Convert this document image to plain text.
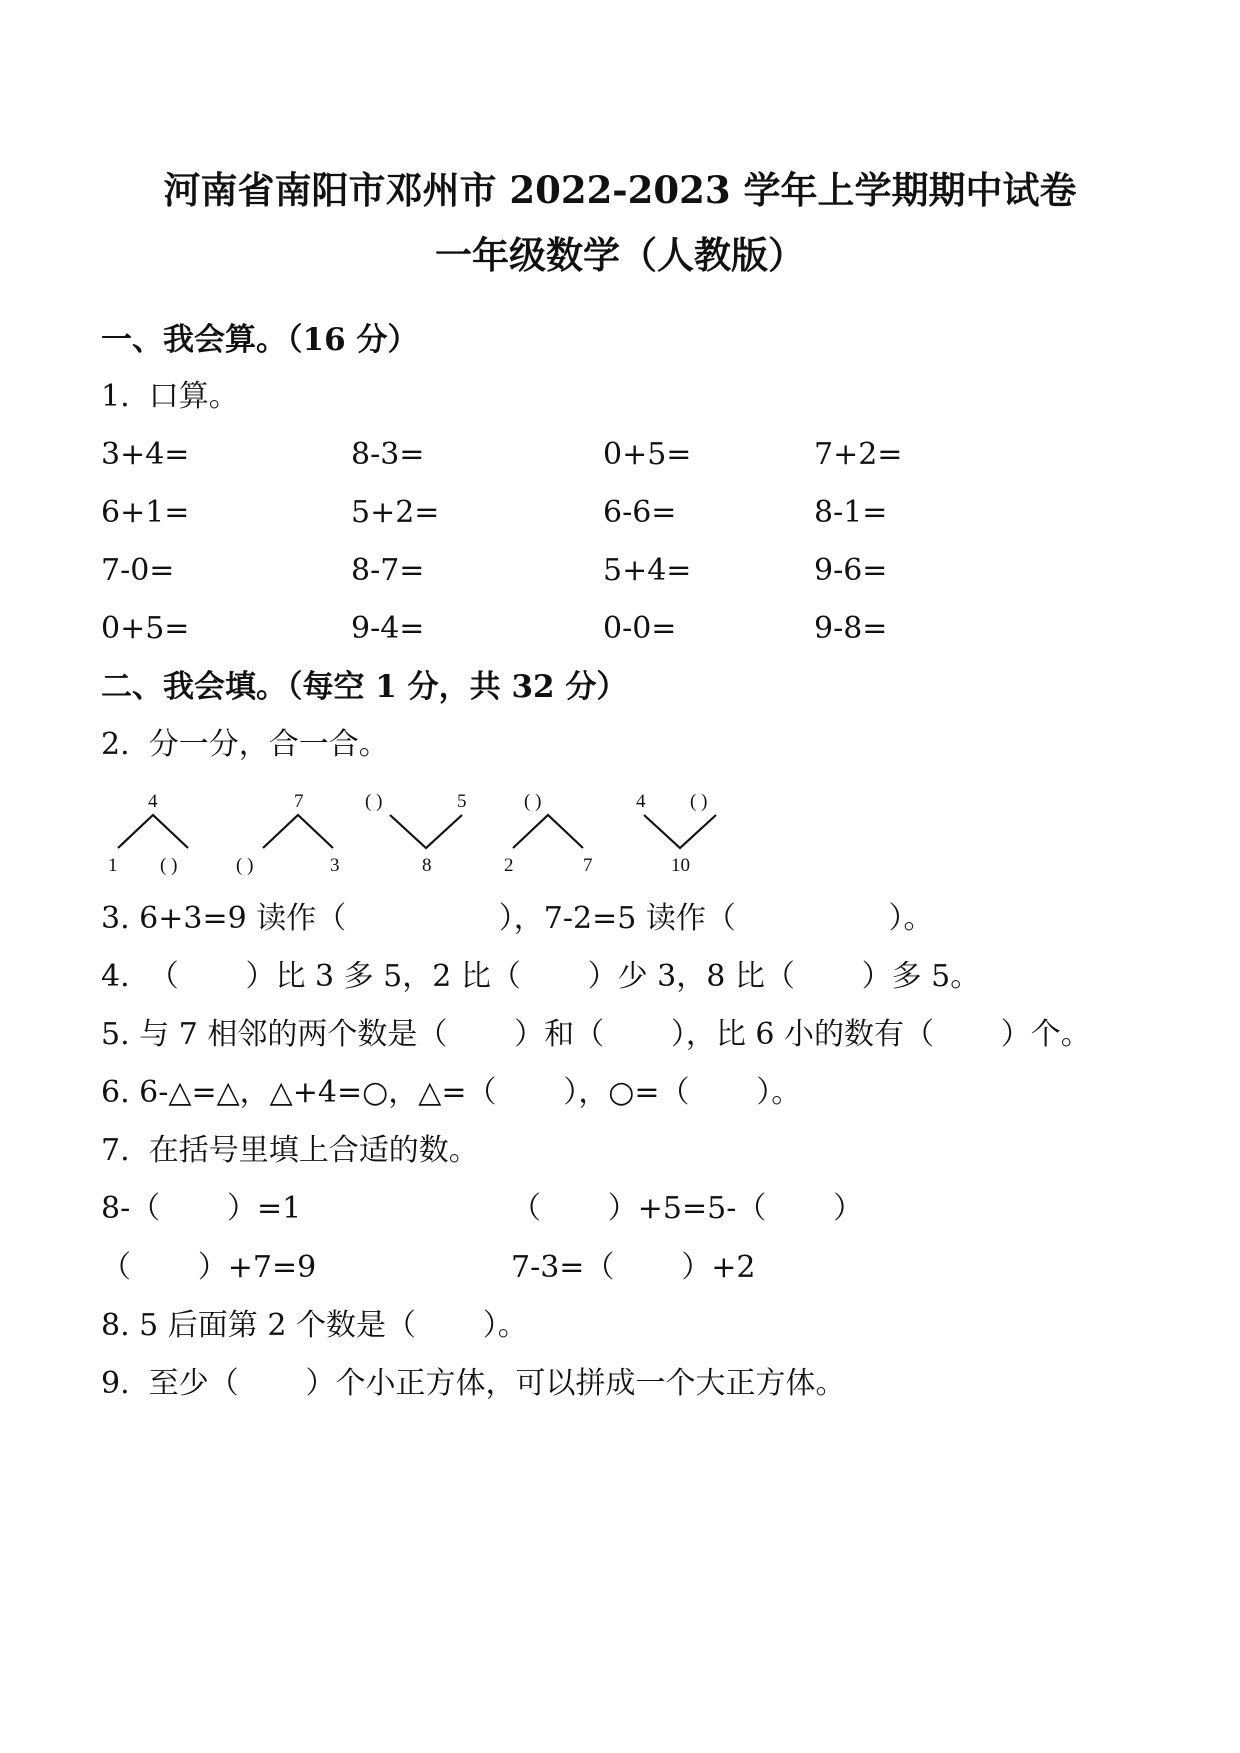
河南省南阳市邓州市 2022-2023 学年上学期期中试卷
一年级数学（人教版）
一、我会算。（16 分）
1.  口算。
3+4=	8-3=	0+5=	7+2=
6+1=	5+2=	6-6=	8-1=
7-0=	8-7=	5+4=	9-6=
0+5=	9-4=	0-0=	9-8=
二、我会填。（每空 1 分，共 32 分）
2.  分一分，合一合。
4
1 ( )
7
( )	3
( )	5
8
( )
2	7
4 ( )
10
3. 6+3=9 读作（                ），7-2=5 读作（                ）。
4.  （       ）比 3 多 5，2 比（       ）少 3，8 比（       ）多 5。
5. 与 7 相邻的两个数是（       ）和（       ），比 6 小的数有（       ）个。
6. 6-△=△，△+4=○，△=（       ），○=（       ）。
7.  在括号里填上合适的数。
8-（       ）=1	（       ）+5=5-（       ）
（       ）+7=9	7-3=（       ）+2
8. 5 后面第 2 个数是（       ）。
9.  至少（       ）个小正方体，可以拼成一个大正方体。
